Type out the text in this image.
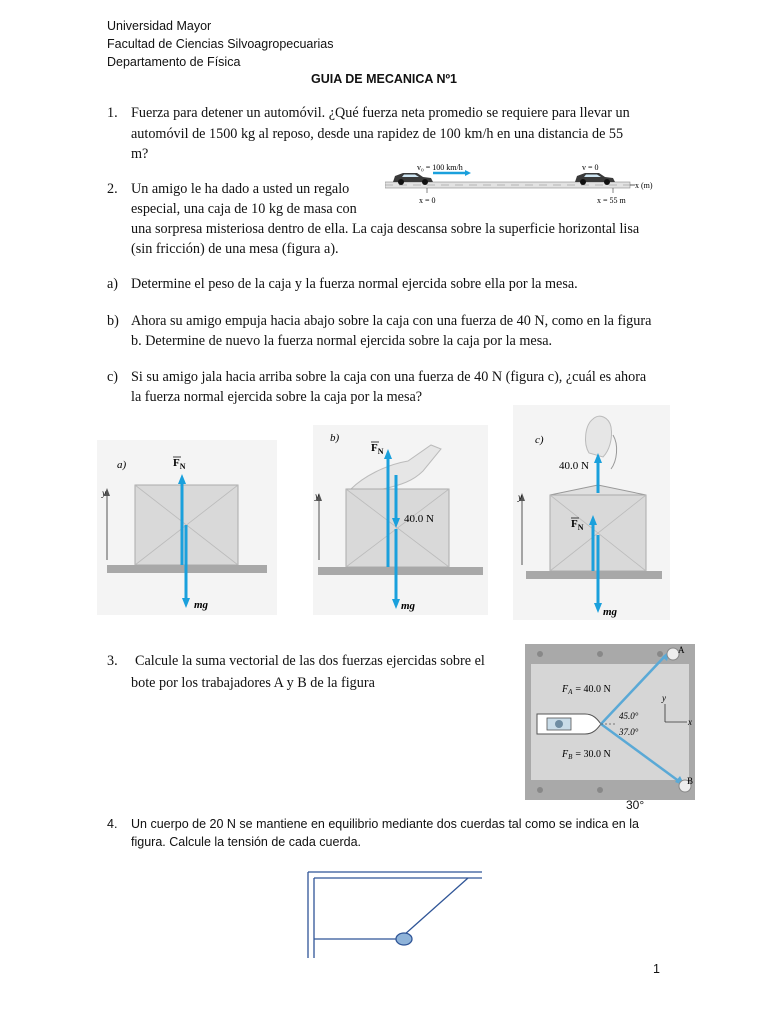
Universidad Mayor
Facultad de Ciencias Silvoagropecuarias
Departamento de Física
GUIA DE MECANICA Nº1
1. Fuerza para detener un automóvil. ¿Qué fuerza neta promedio se requiere para llevar un
automóvil de 1500 kg al reposo, desde una rapidez de 100 km/h en una distancia de 55
m?
v₀ = 100 km/h	v = 0
x (m)
x = 0	x = 55 m
2. Un amigo le ha dado a usted un regalo
especial, una caja de 10 kg de masa con
una sorpresa misteriosa dentro de ella. La caja descansa sobre la superficie horizontal lisa
(sin fricción) de una mesa (figura a).
a) Determine el peso de la caja y la fuerza normal ejercida sobre ella por la mesa.
b) Ahora su amigo empuja hacia abajo sobre la caja con una fuerza de 40 N, como en la figura
b. Determine de nuevo la fuerza normal ejercida sobre la caja por la mesa.
c) Si su amigo jala hacia arriba sobre la caja con una fuerza de 40 N (figura c), ¿cuál es ahora
la fuerza normal ejercida sobre la caja por la mesa?
a)
y
$F_N$
mg
b)
y
$F_N$
40.0 N
mg
c)
y
40.0 N
$F_N$
mg
3. Calcule la suma vectorial de las dos fuerzas ejercidas sobre el
bote por los trabajadores A y B de la figura
A
B
45.0°
37.0°
$F_A = 40.0$ N
$F_B = 30.0$ N
x
y
30°
4. Un cuerpo de 20 N se mantiene en equilibrio mediante dos cuerdas tal como se indica en la
figura. Calcule la tensión de cada cuerda.
1
